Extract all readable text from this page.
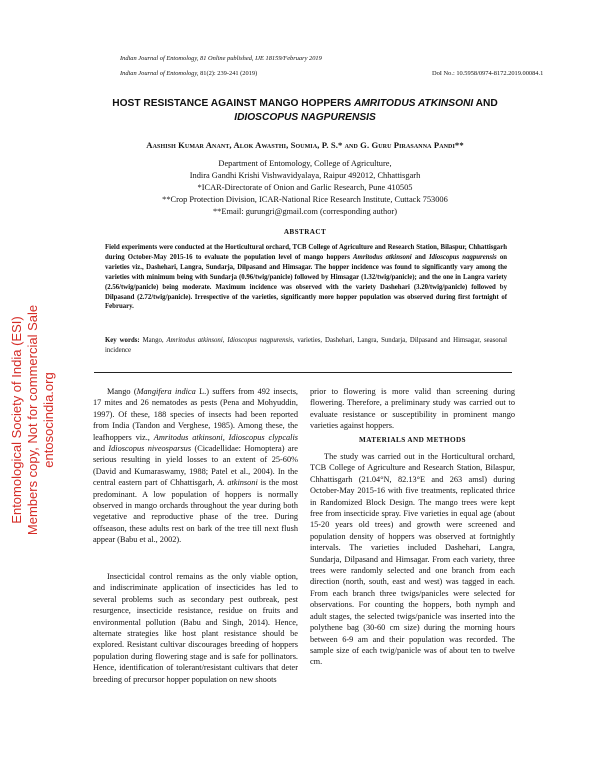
Indian Journal of Entomology, 81 Online published, IJE 18159/February 2019
Indian Journal of Entomology, 81(2): 239-241 (2019)	DoI No.: 10.5958/0974-8172.2019.00084.1
HOST RESISTANCE AGAINST MANGO HOPPERS AMRITODUS ATKINSONI AND
IDIOSCOPUS NAGPURENSIS
Aashish Kumar Anant, Alok Awasthi, Soumia, P. S.* and G. Guru Pirasanna Pandi**
Department of Entomology, College of Agriculture,
Indira Gandhi Krishi Vishwavidyalaya, Raipur 492012, Chhattisgarh
*ICAR-Directorate of Onion and Garlic Research, Pune 410505
**Crop Protection Division, ICAR-National Rice Research Institute, Cuttack 753006
**Email: gurungri@gmail.com (corresponding author)
ABSTRACT
Field experiments were conducted at the Horticultural orchard, TCB College of Agriculture and Research Station, Bilaspur, Chhattisgarh during October-May 2015-16 to evaluate the population level of mango hoppers Amritodus atkinsoni and Idioscopus nagpurensis on varieties viz., Dashehari, Langra, Sundarja, Dilpasand and Himsagar. The hopper incidence was found to significantly vary among the varieties with minimum being with Sundarja (0.96/twig/panicle) followed by Himsagar (1.32/twig/panicle); and the one in Langra variety (2.56/twig/panicle) being moderate. Maximum incidence was observed with the variety Dashehari (3.20/twig/panicle) followed by Dilpasand (2.72/twig/panicle). Irrespective of the varieties, significantly more hopper population was observed during first fortnight of February.
Key words: Mango, Amritodus atkinsoni, Idioscopus nagpurensis, varieties, Dashehari, Langra, Sundarja, Dilpasand and Himsagar, seasonal incidence

Mango (Mangifera indica L.) suffers from 492 insects, 17 mites and 26 nematodes as pests (Pena and Mohyuddin, 1997). Of these, 188 species of insects had been reported from India (Tandon and Verghese, 1985). Among these, the leafhoppers viz., Amritodus atkinsoni, Idioscopus clypcalis and Idioscopus niveosparsus (Cicadellidae: Homoptera) are serious resulting in yield losses to an extent of 25-60% (David and Kumaraswamy, 1988; Patel et al., 2004). In the central eastern part of Chhattisgarh, A. atkinsoni is the most predominant. A low population of hoppers is normally observed in mango orchards throughout the year during both vegetative and reproductive phase of the tree. During offseason, these adults rest on bark of the tree till next flush appear (Babu et al., 2002).

Insecticidal control remains as the only viable option, and indiscriminate application of insecticides has led to several problems such as secondary pest outbreak, pest resurgence, insecticide resistance, residue on fruits and environmental pollution (Babu and Singh, 2014). Hence, alternate strategies like host plant resistance should be explored. Resistant cultivar discourages breeding of hoppers population during flowering stage and is safe for pollinators. Hence, identification of tolerant/resistant cultivars that deter breeding of precursor hopper population on new shoots

prior to flowering is more valid than screening during flowering. Therefore, a preliminary study was carried out to evaluate resistance or susceptibility in prominent mango varieties against hoppers.

MATERIALS AND METHODS

The study was carried out in the Horticultural orchard, TCB College of Agriculture and Research Station, Bilaspur, Chhattisgarh (21.04°N, 82.13°E and 263 amsl) during October-May 2015-16 with five treatments, replicated thrice in Randomized Block Design. The mango trees were kept free from insecticide spray. Five varieties in equal age (about 15-20 years old trees) and growth were screened and population density of hoppers was observed at fortnightly intervals. The varieties included Dashehari, Langra, Sundarja, Dilpasand and Himsagar. From each variety, three trees were randomly selected and one branch from each direction (north, south, east and west) was tagged in each. From each branch three twigs/panicles were selected for observations. For counting the hoppers, both nymph and adult stages, the selected twigs/panicle was inserted into the polythene bag (30-60 cm size) during the morning hours between 6-9 am and their population was recorded. The sample size of each twig/panicle was of about ten to twelve cm.

Entomological Society of India (ESI) Members copy, Not for commercial Sale entosocindia.org
